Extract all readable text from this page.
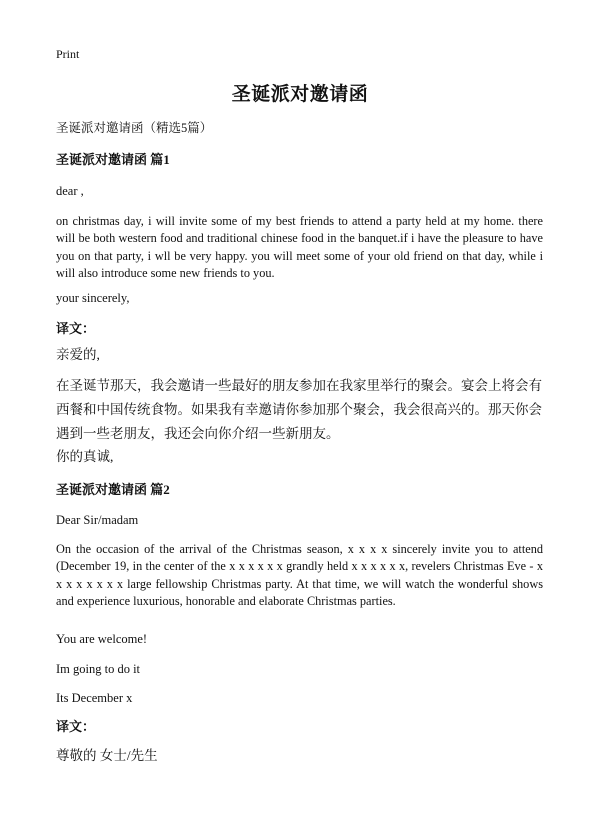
Print
圣诞派对邀请函
圣诞派对邀请函（精选5篇）
圣诞派对邀请函 篇1
dear ,
on christmas day, i will invite some of my best friends to attend a party held at my home. there will be both western food and traditional chinese food in the banquet.if i have the pleasure to have you on that party, i wll be very happy. you will meet some of your old friend on that day, while i will also introduce some new friends to you.
your sincerely,
译文：
亲爱的,
在圣诞节那天，我会邀请一些最好的朋友参加在我家里举行的聚会。宴会上将会有西餐和中国传统食物。如果我有幸邀请你参加那个聚会，我会很高兴的。那天你会遇到一些老朋友，我还会向你介绍一些新朋友。
你的真诚,
圣诞派对邀请函 篇2
Dear Sir/madam
On the occasion of the arrival of the Christmas season, x x x x sincerely invite you to attend (December 19, in the center of the x x x x x x grandly held x x x x x x, revelers Christmas Eve - x x x x x x x x large fellowship Christmas party. At that time, we will watch the wonderful shows and experience luxurious, honorable and elaborate Christmas parties.
You are welcome!
Im going to do it
Its December x
译文：
尊敬的 女士/先生
